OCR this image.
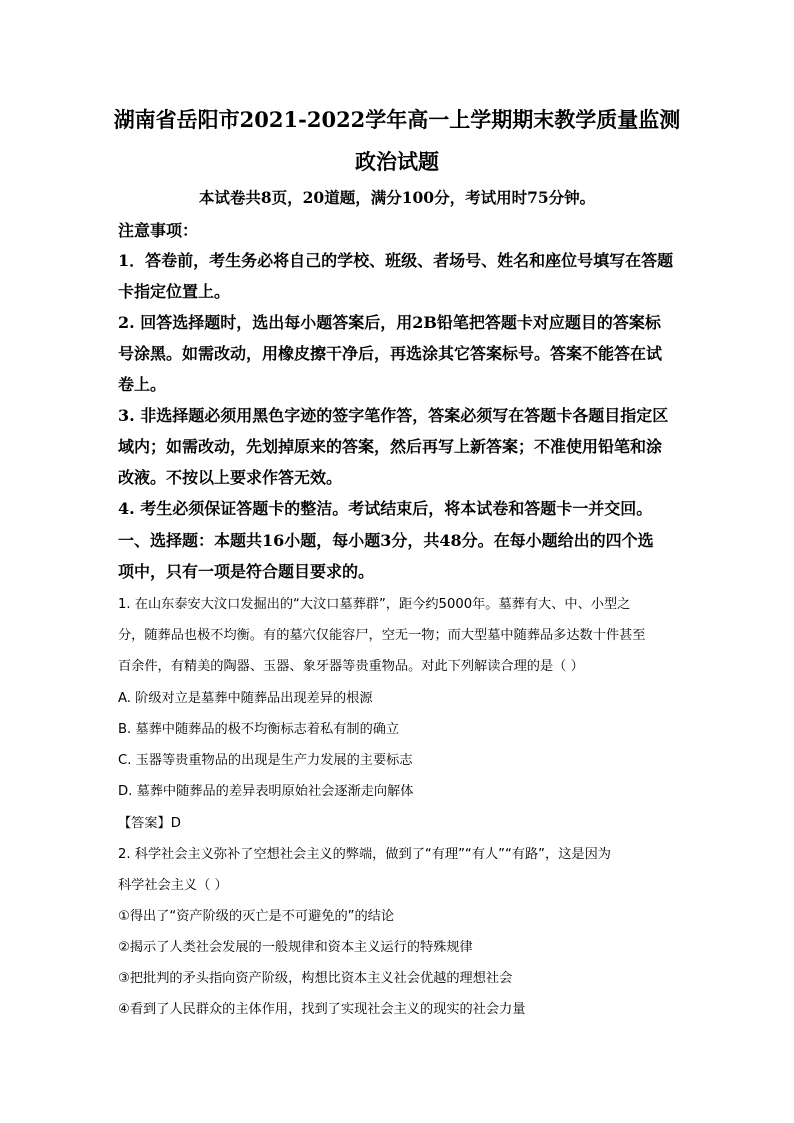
湖南省岳阳市2021-2022学年高一上学期期末教学质量监测
政治试题
本试卷共8页，20道题，满分100分，考试用时75分钟。
注意事项：
1．答卷前，考生务必将自己的学校、班级、者场号、姓名和座位号填写在答题
卡指定位置上。
2. 回答选择题时，选出每小题答案后，用2B铅笔把答题卡对应题目的答案标
号涂黑。如需改动，用橡皮擦干净后，再选涂其它答案标号。答案不能答在试
卷上。
3. 非选择题必须用黑色字迹的签字笔作答，答案必须写在答题卡各题目指定区
域内；如需改动，先划掉原来的答案，然后再写上新答案；不准使用铅笔和涂
改液。不按以上要求作答无效。
4. 考生必须保证答题卡的整洁。考试结束后，将本试卷和答题卡一并交回。
一、选择题：本题共16小题，每小题3分，共48分。在每小题给出的四个选
项中，只有一项是符合题目要求的。
1. 在山东泰安大汶口发掘出的“大汶口墓葬群”，距今约5000年。墓葬有大、中、小型之
分，随葬品也极不均衡。有的墓穴仅能容尸，空无一物；而大型墓中随葬品多达数十件甚至
百余件，有精美的陶器、玉器、象牙器等贵重物品。对此下列解读合理的是（ ）
A. 阶级对立是墓葬中随葬品出现差异的根源
B. 墓葬中随葬品的极不均衡标志着私有制的确立
C. 玉器等贵重物品的出现是生产力发展的主要标志
D. 墓葬中随葬品的差异表明原始社会逐渐走向解体
【答案】D
2. 科学社会主义弥补了空想社会主义的弊端，做到了“有理”“有人”“有路”，这是因为
科学社会主义（ ）
①得出了“资产阶级的灭亡是不可避免的”的结论
②揭示了人类社会发展的一般规律和资本主义运行的特殊规律
③把批判的矛头指向资产阶级，构想比资本主义社会优越的理想社会
④看到了人民群众的主体作用，找到了实现社会主义的现实的社会力量
